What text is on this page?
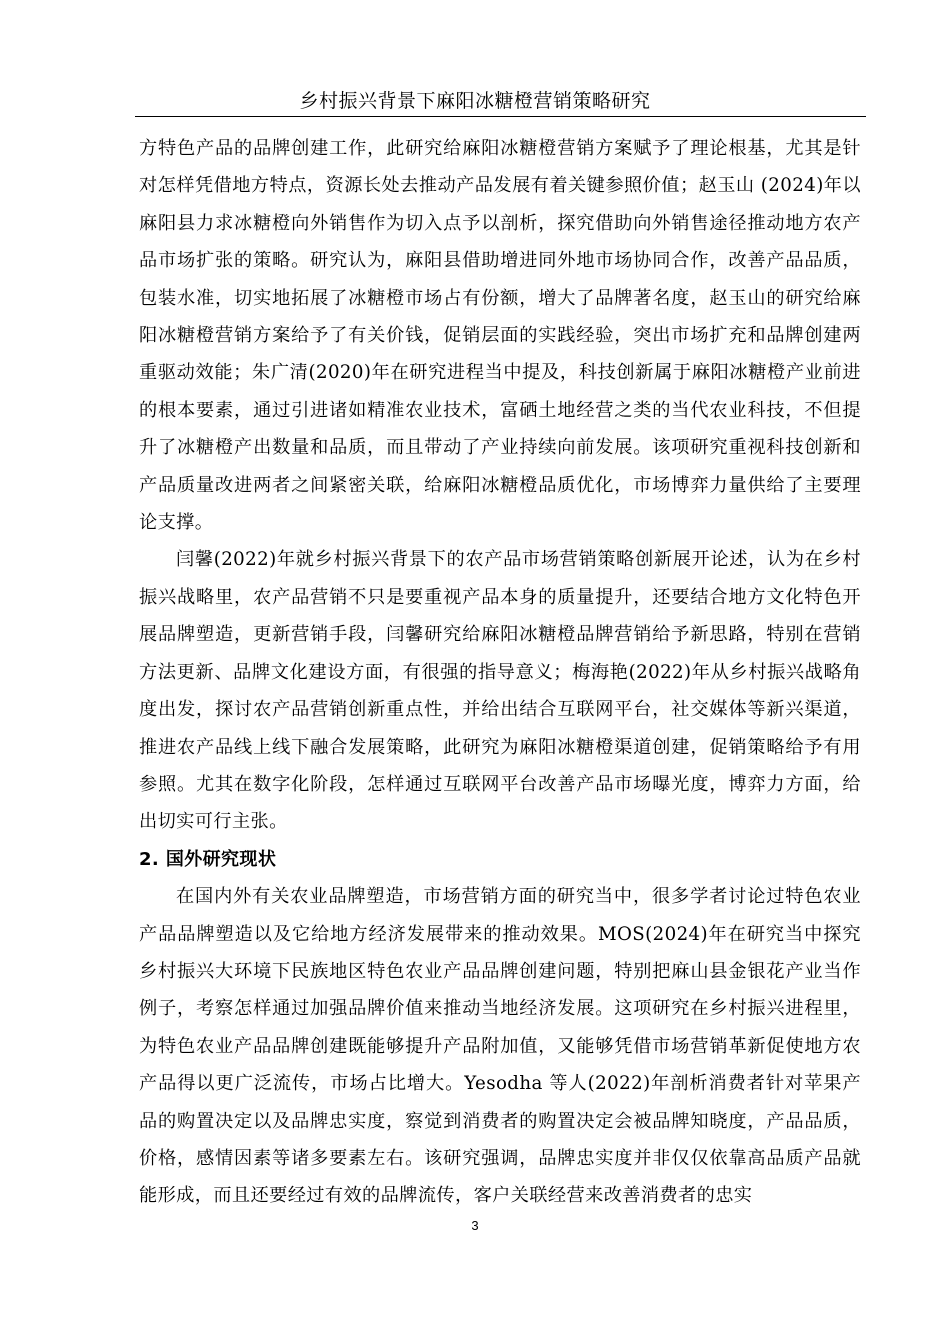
乡村振兴背景下麻阳冰糖橙营销策略研究

方特色产品的品牌创建工作，此研究给麻阳冰糖橙营销方案赋予了理论根基，尤其是针对怎样凭借地方特点，资源长处去推动产品发展有着关键参照价值；赵玉山 (2024)年以麻阳县力求冰糖橙向外销售作为切入点予以剖析，探究借助向外销售途径推动地方农产品市场扩张的策略。研究认为，麻阳县借助增进同外地市场协同合作，改善产品品质，包装水准，切实地拓展了冰糖橙市场占有份额，增大了品牌著名度，赵玉山的研究给麻阳冰糖橙营销方案给予了有关价钱，促销层面的实践经验，突出市场扩充和品牌创建两重驱动效能；朱广清(2020)年在研究进程当中提及，科技创新属于麻阳冰糖橙产业前进的根本要素，通过引进诸如精准农业技术，富硒土地经营之类的当代农业科技，不但提升了冰糖橙产出数量和品质，而且带动了产业持续向前发展。该项研究重视科技创新和产品质量改进两者之间紧密关联，给麻阳冰糖橙品质优化，市场博弈力量供给了主要理论支撑。

闫馨(2022)年就乡村振兴背景下的农产品市场营销策略创新展开论述，认为在乡村振兴战略里，农产品营销不只是要重视产品本身的质量提升，还要结合地方文化特色开展品牌塑造，更新营销手段，闫馨研究给麻阳冰糖橙品牌营销给予新思路，特别在营销方法更新、品牌文化建设方面，有很强的指导意义；梅海艳(2022)年从乡村振兴战略角度出发，探讨农产品营销创新重点性，并给出结合互联网平台，社交媒体等新兴渠道，推进农产品线上线下融合发展策略，此研究为麻阳冰糖橙渠道创建，促销策略给予有用参照。尤其在数字化阶段，怎样通过互联网平台改善产品市场曝光度，博弈力方面，给出切实可行主张。

2. 国外研究现状

在国内外有关农业品牌塑造，市场营销方面的研究当中，很多学者讨论过特色农业产品品牌塑造以及它给地方经济发展带来的推动效果。MOS(2024)年在研究当中探究乡村振兴大环境下民族地区特色农业产品品牌创建问题，特别把麻山县金银花产业当作例子，考察怎样通过加强品牌价值来推动当地经济发展。这项研究在乡村振兴进程里，为特色农业产品品牌创建既能够提升产品附加值，又能够凭借市场营销革新促使地方农产品得以更广泛流传，市场占比增大。Yesodha 等人(2022)年剖析消费者针对苹果产品的购置决定以及品牌忠实度，察觉到消费者的购置决定会被品牌知晓度，产品品质，价格，感情因素等诸多要素左右。该研究强调，品牌忠实度并非仅仅依靠高品质产品就能形成，而且还要经过有效的品牌流传，客户关联经营来改善消费者的忠实

3
